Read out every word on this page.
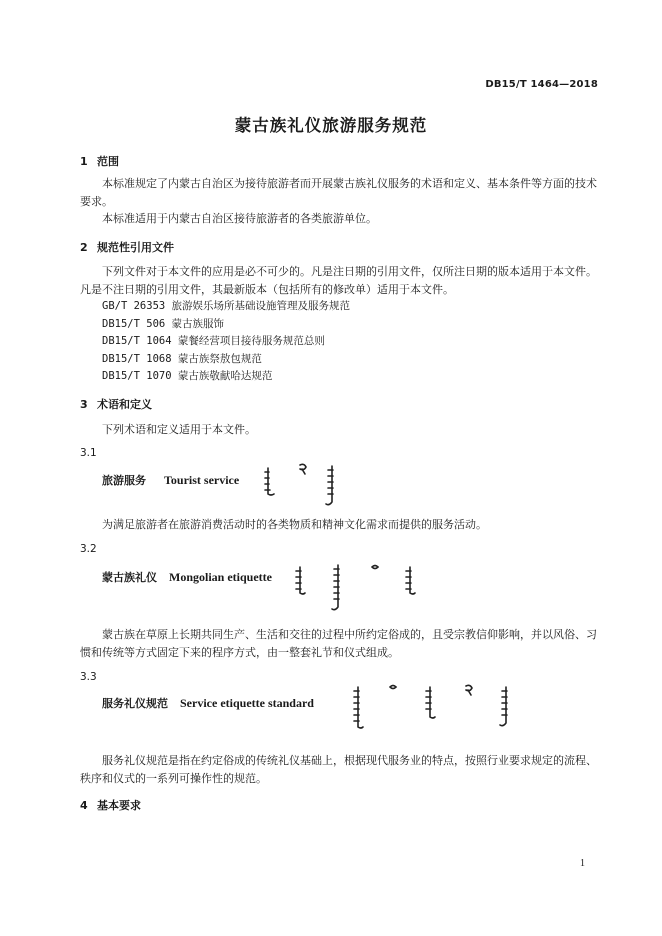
DB15/T 1464—2018
蒙古族礼仪旅游服务规范
1 范围
本标准规定了内蒙古自治区为接待旅游者而开展蒙古族礼仪服务的术语和定义、基本条件等方面的技术要求。
本标准适用于内蒙古自治区接待旅游者的各类旅游单位。
2 规范性引用文件
下列文件对于本文件的应用是必不可少的。凡是注日期的引用文件，仅所注日期的版本适用于本文件。凡是不注日期的引用文件，其最新版本（包括所有的修改单）适用于本文件。
GB/T 26353 旅游娱乐场所基础设施管理及服务规范
DB15/T 506 蒙古族服饰
DB15/T 1064 蒙餐经营项目接待服务规范总则
DB15/T 1068 蒙古族祭敖包规范
DB15/T 1070 蒙古族敬献哈达规范
3 术语和定义
下列术语和定义适用于本文件。
3.1
旅游服务 Tourist service
为满足旅游者在旅游消费活动时的各类物质和精神文化需求而提供的服务活动。
3.2
蒙古族礼仪 Mongolian etiquette
蒙古族在草原上长期共同生产、生活和交往的过程中所约定俗成的，且受宗教信仰影响，并以风俗、习惯和传统等方式固定下来的程序方式，由一整套礼节和仪式组成。
3.3
服务礼仪规范 Service etiquette standard
服务礼仪规范是指在约定俗成的传统礼仪基础上，根据现代服务业的特点，按照行业要求规定的流程、秩序和仪式的一系列可操作性的规范。
4 基本要求
1
